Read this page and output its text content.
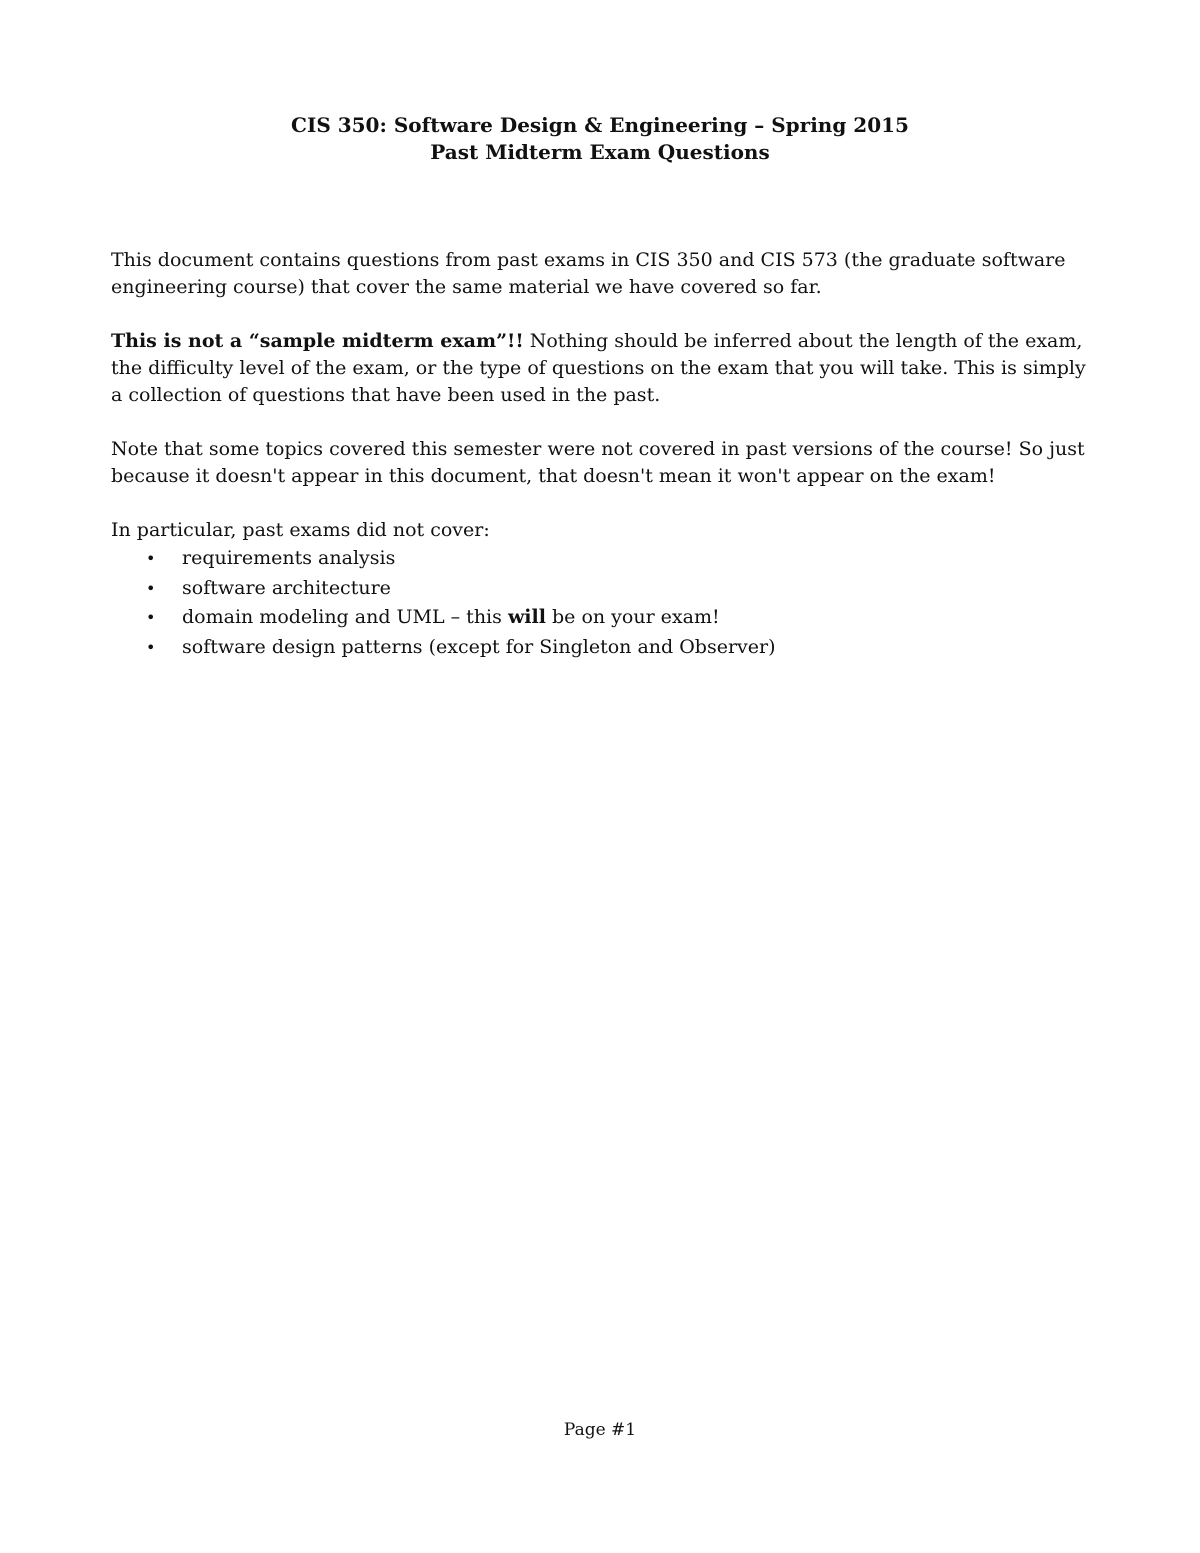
CIS 350: Software Design & Engineering – Spring 2015
Past Midterm Exam Questions

This document contains questions from past exams in CIS 350 and CIS 573 (the graduate software engineering course) that cover the same material we have covered so far.

This is not a “sample midterm exam”!! Nothing should be inferred about the length of the exam, the difficulty level of the exam, or the type of questions on the exam that you will take. This is simply a collection of questions that have been used in the past.

Note that some topics covered this semester were not covered in past versions of the course! So just because it doesn't appear in this document, that doesn't mean it won't appear on the exam!

In particular, past exams did not cover:

• requirements analysis
• software architecture
• domain modeling and UML – this will be on your exam!
• software design patterns (except for Singleton and Observer)
Page #1
